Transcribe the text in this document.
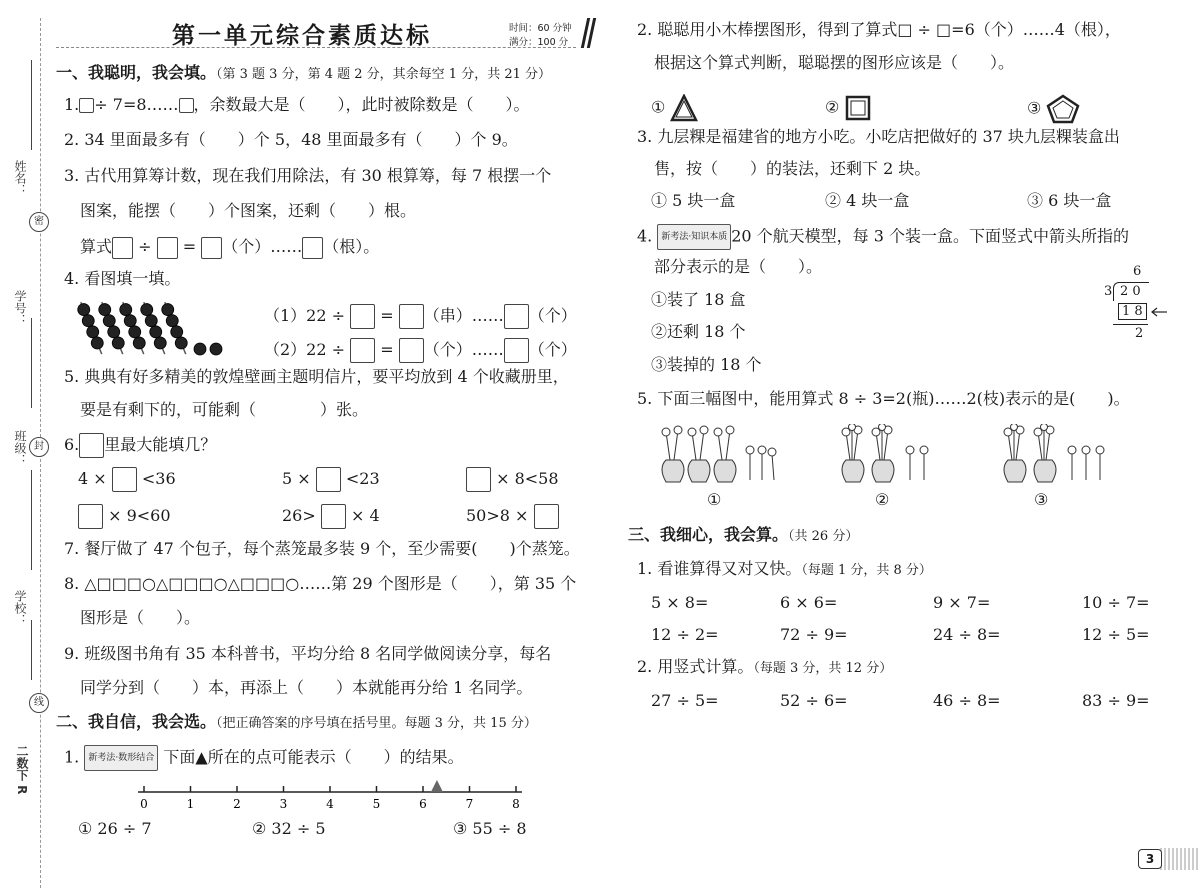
姓名：
密
学号：
封
班级：
学校：
线
二数下 R
第一单元综合素质达标	时间：60 分钟
满分：100 分
一、我聪明，我会填。（第 3 题 3 分，第 4 题 2 分，其余每空 1 分，共 21 分）
1. ÷ 7=8…… ，余数最大是（　　），此时被除数是（　　）。
2. 34 里面最多有（　　）个 5，48 里面最多有（　　）个 9。
3. 古代用算筹计数，现在我们用除法，有 30 根算筹，每 7 根摆一个
图案，能摆（　　）个图案，还剩（　　）根。
算式 ÷ = （个）…… （根）。
4. 看图填一填。
（1）22 ÷ = （串）…… （个）
（2）22 ÷ = （个）…… （个）
5. 典典有好多精美的敦煌壁画主题明信片，要平均放到 4 个收藏册里，
要是有剩下的，可能剩（　　　　）张。
6. 里最大能填几？
4 × <36	5 × <23	× 8<58
× 9<60	26> × 4	50>8 ×
7. 餐厅做了 47 个包子，每个蒸笼最多装 9 个，至少需要(　　)个蒸笼。
8. △□□□○△□□□○△□□□○……第 29 个图形是（　　），第 35 个
图形是（　　）。
9. 班级图书角有 35 本科普书，平均分给 8 名同学做阅读分享，每名
同学分到（　　）本，再添上（　　）本就能再分给 1 名同学。
二、我自信，我会选。（把正确答案的序号填在括号里。每题 3 分，共 15 分）
1. 新考法·数形结合 下面▲所在的点可能表示（　　）的结果。
0	1	2	3	4	5	6	7	8
① 26 ÷ 7	② 32 ÷ 5	③ 55 ÷ 8
2. 聪聪用小木棒摆图形，得到了算式□ ÷ □=6（个）……4（根），
根据这个算式判断，聪聪摆的图形应该是（　　）。
①	②	③
3. 九层粿是福建省的地方小吃。小吃店把做好的 37 块九层粿装盒出
售，按（　　）的装法，还剩下 2 块。
① 5 块一盒	② 4 块一盒	③ 6 块一盒
4. 新考法·知识本质 20 个航天模型，每 3 个装一盒。下面竖式中箭头所指的
部分表示的是（　　）。
①装了 18 盒
②还剩 18 个
③装掉的 18 个
6
3 2 0
1 8
2
5. 下面三幅图中，能用算式 8 ÷ 3=2(瓶)……2(枝)表示的是(　　)。
①	②	③
三、我细心，我会算。（共 26 分）
1. 看谁算得又对又快。（每题 1 分，共 8 分）
5 × 8=	6 × 6=	9 × 7=	10 ÷ 7=
12 ÷ 2=	72 ÷ 9=	24 ÷ 8=	12 ÷ 5=
2. 用竖式计算。（每题 3 分，共 12 分）
27 ÷ 5=	52 ÷ 6=	46 ÷ 8=	83 ÷ 9=
3
